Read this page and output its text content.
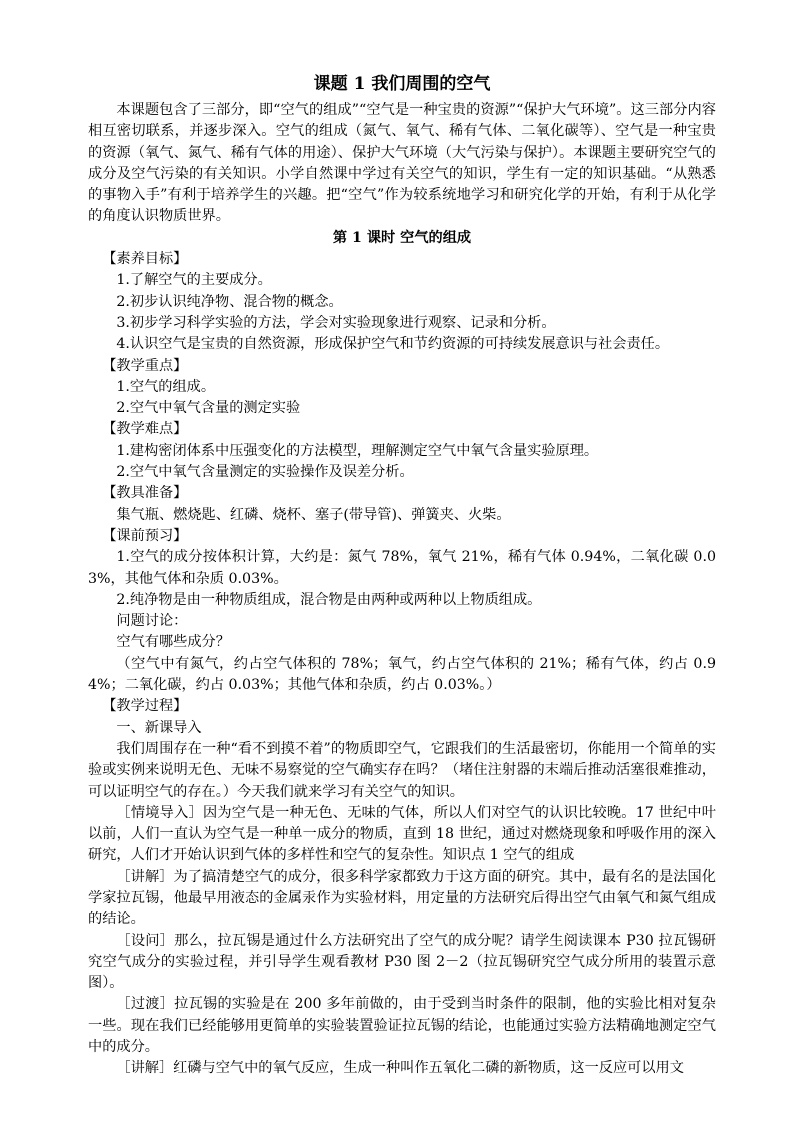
课题 1 我们周围的空气

本课题包含了三部分，即“空气的组成”“空气是一种宝贵的资源”“保护大气环境”。这三部分内容相互密切联系，并逐步深入。空气的组成（氮气、氧气、稀有气体、二氧化碳等）、空气是一种宝贵的资源（氧气、氮气、稀有气体的用途）、保护大气环境（大气污染与保护）。本课题主要研究空气的成分及空气污染的有关知识。小学自然课中学过有关空气的知识，学生有一定的知识基础。“从熟悉的事物入手”有利于培养学生的兴趣。把“空气”作为较系统地学习和研究化学的开始，有利于从化学的角度认识物质世界。

第 1 课时 空气的组成

【素养目标】

1.了解空气的主要成分。

2.初步认识纯净物、混合物的概念。

3.初步学习科学实验的方法，学会对实验现象进行观察、记录和分析。

4.认识空气是宝贵的自然资源，形成保护空气和节约资源的可持续发展意识与社会责任。

【教学重点】

1.空气的组成。

2.空气中氧气含量的测定实验

【教学难点】

1.建构密闭体系中压强变化的方法模型，理解测定空气中氧气含量实验原理。

2.空气中氧气含量测定的实验操作及误差分析。

【教具准备】

集气瓶、燃烧匙、红磷、烧杯、塞子(带导管)、弹簧夹、火柴。

【课前预习】

1.空气的成分按体积计算，大约是：氮气 78%，氧气 21%，稀有气体 0.94%，二氧化碳 0.03%，其他气体和杂质 0.03%。

2.纯净物是由一种物质组成，混合物是由两种或两种以上物质组成。

问题讨论：

空气有哪些成分？

（空气中有氮气，约占空气体积的 78%；氧气，约占空气体积的 21%；稀有气体，约占 0.94%；二氧化碳，约占 0.03%；其他气体和杂质，约占 0.03%。）

【教学过程】

一、新课导入

我们周围存在一种“看不到摸不着”的物质即空气，它跟我们的生活最密切，你能用一个简单的实验或实例来说明无色、无味不易察觉的空气确实存在吗？（堵住注射器的末端后推动活塞很难推动，可以证明空气的存在。）今天我们就来学习有关空气的知识。

［情境导入］因为空气是一种无色、无味的气体，所以人们对空气的认识比较晚。17 世纪中叶以前，人们一直认为空气是一种单一成分的物质，直到 18 世纪，通过对燃烧现象和呼吸作用的深入研究，人们才开始认识到气体的多样性和空气的复杂性。知识点 1 空气的组成

［讲解］为了搞清楚空气的成分，很多科学家都致力于这方面的研究。其中，最有名的是法国化学家拉瓦锡，他最早用液态的金属汞作为实验材料，用定量的方法研究后得出空气由氧气和氮气组成的结论。

［设问］那么，拉瓦锡是通过什么方法研究出了空气的成分呢？请学生阅读课本 P30 拉瓦锡研究空气成分的实验过程，并引导学生观看教材 P30 图 2－2（拉瓦锡研究空气成分所用的装置示意图）。

［过渡］拉瓦锡的实验是在 200 多年前做的，由于受到当时条件的限制，他的实验比相对复杂一些。现在我们已经能够用更简单的实验装置验证拉瓦锡的结论，也能通过实验方法精确地测定空气中的成分。

［讲解］红磷与空气中的氧气反应，生成一种叫作五氧化二磷的新物质，这一反应可以用文
